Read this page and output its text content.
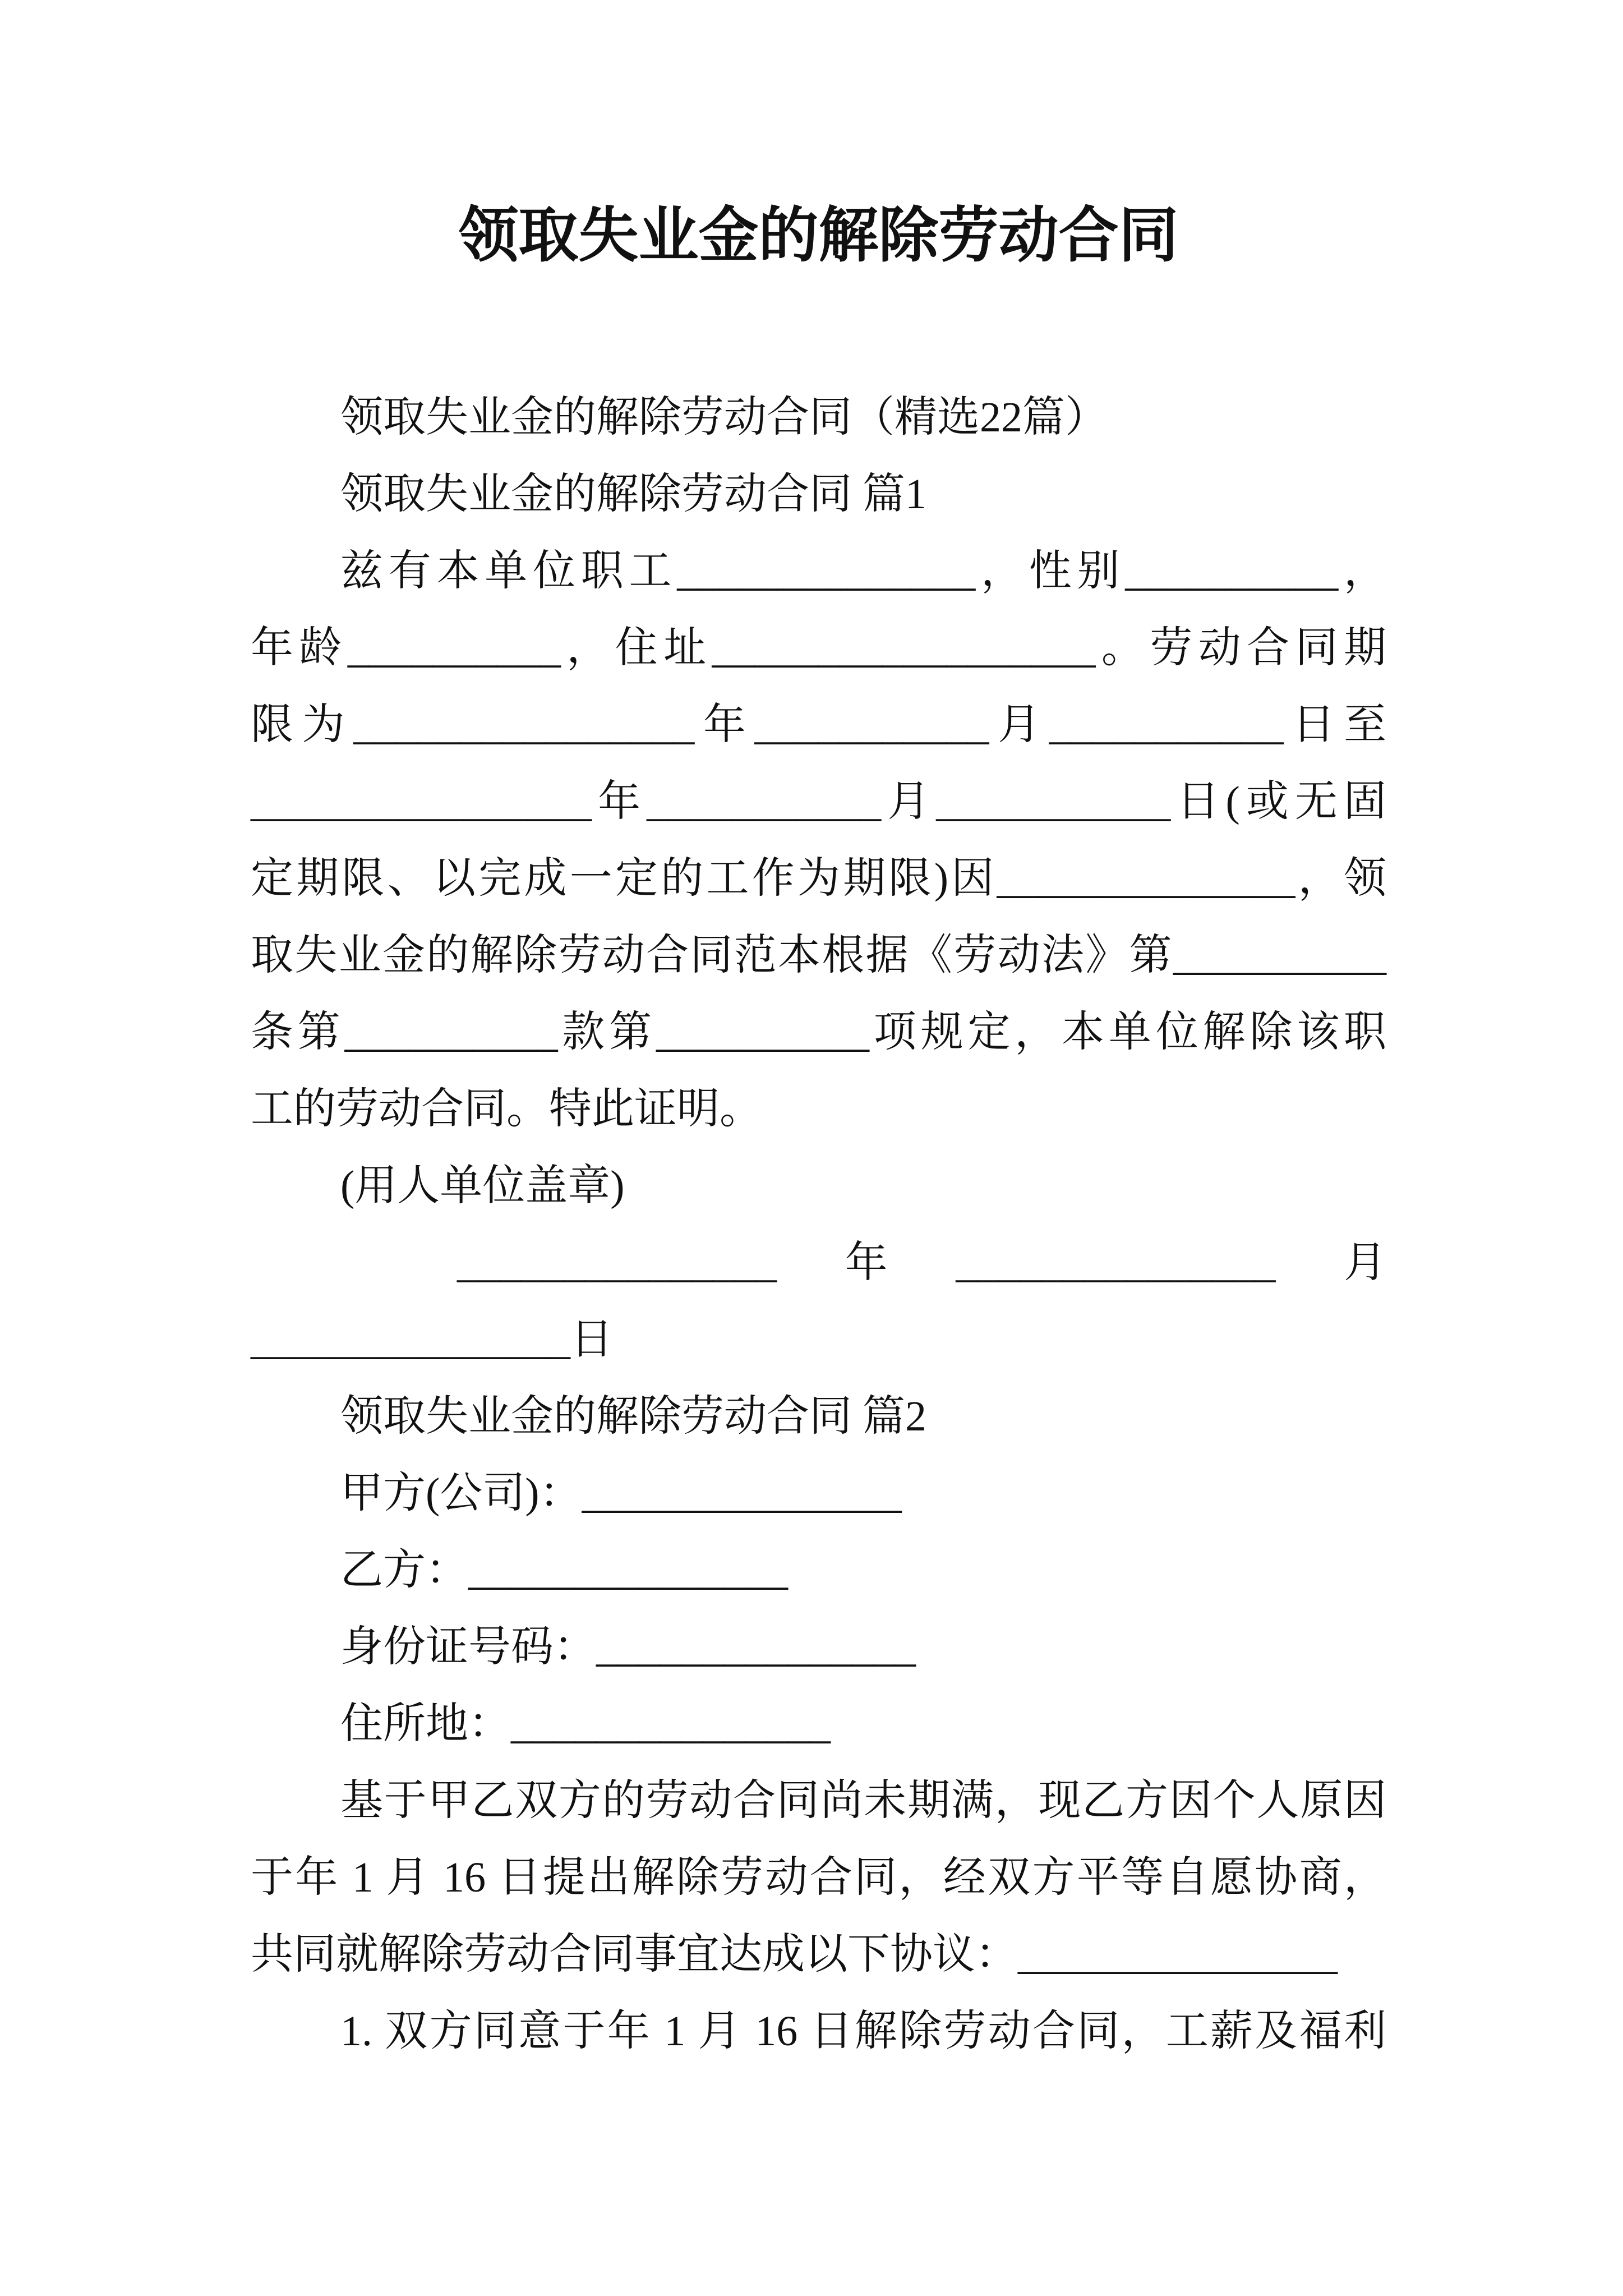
领取失业金的解除劳动合同
领取失业金的解除劳动合同（精选22篇）
领取失业金的解除劳动合同 篇1
兹有本单位职工______________，性别__________，
年龄__________，住址__________________。劳动合同期
限为________________年___________月___________日至
________________年___________月___________日(或无固
定期限、以完成一定的工作为期限)因______________，领
取失业金的解除劳动合同范本根据《劳动法》第__________
条第__________款第__________项规定，本单位解除该职
工的劳动合同。特此证明。
(用人单位盖章)
_______________ 年 _______________ 月
_______________日
领取失业金的解除劳动合同 篇2
甲方(公司)：_______________
乙方：_______________
身份证号码：_______________
住所地：_______________
基于甲乙双方的劳动合同尚未期满，现乙方因个人原因
于年 1 月 16 日提出解除劳动合同，经双方平等自愿协商，
共同就解除劳动合同事宜达成以下协议：_______________
1. 双方同意于年 1 月 16 日解除劳动合同，工薪及福利
